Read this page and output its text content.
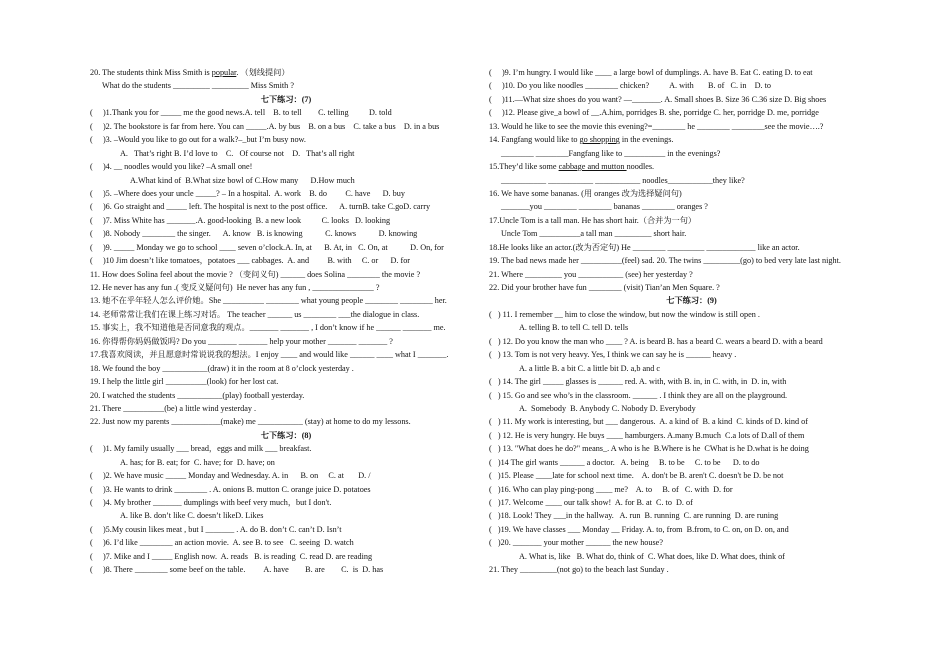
20. The students think Miss Smith is popular. （划线提问）
What do the students _________ _________ Miss Smith ?
七下练习：(7)
(     )1.Thank you for _____ me the good news.A. tell    B. to tell        C. telling          D. told
(     )2. The bookstore is far from here. You can _____.A. by bus    B. on a bus    C. take a bus    D. in a bus
(     )3. –Would you like to go out for a walk?–_but I’m busy now.
A.   That’s right B. I’d love to    C.   Of course not    D.   That’s all right
(     )4. __ noodles would you like? –A small one!
A.What kind of  B.What size bowl of C.How many      D.How much
(     )5. –Where does your uncle _____? – In a hospital.  A. work    B. do         C. have      D. buy
(     )6. Go straight and _____ left. The hospital is next to the post office.      A. turnB. take C.goD. carry
(     )7. Miss White has _______.A. good-looking  B. a new look          C. looks   D. looking
(     )8. Nobody ________ the singer.      A. know   B. is knowing           C. knows           D. knowing
(     )9. _____ Monday we go to school ____ seven o’clock.A. In, at      B. At, in   C. On, at           D. On, for
(     )10 Jim doesn’t like tomatoes，potatoes ___ cabbages.  A. and         B. with     C. or      D. for
11. How does Solina feel about the movie ? （变问义句) ______ does Solina ________ the movie ?
12. He never has any fun .( 变反义疑问句)  He never has any fun , _______________ ?
13. 她不在乎年轻人怎么评价她。She __________ ________ what young people ________ ________ her.
14. 老师常常让我们在课上练习对话。 The teacher ______ us ________ ___the dialogue in class.
15. 事实上，我不知道他是否同意我的观点。_______ _______ , I don’t know if he ______ _______ me.
16. 你得帮你妈妈做饭吗? Do you _______ _______ help your mother _______ _______ ?
17.我喜欢阅读，并且愿意时常说说我的想法。I enjoy ____ and would like ______ ____ what I _______.
18. We found the boy ___________(draw) it in the room at 8 o’clock yesterday .
19. I help the little girl __________(look) for her lost cat.
20. I watched the students ___________(play) football yesterday.
21. There __________(be) a little wind yesterday .
22. Just now my parents ____________(make) me ___________ (stay) at home to do my lessons.
七下练习：(8)
(     )1. My family usually ___ bread，eggs and milk ___ breakfast.
A. has; for B. eat; for  C. have; for  D. have; on
(     )2. We have music _____ Monday and Wednesday. A. in      B. on     C. at       D. /
(     )3. He wants to drink ________ . A. onions B. mutton C. orange juice D. potatoes
(     )4. My brother _______ dumplings with beef very much，but I don't.
A. like B. don’t like C. doesn’t likeD. Likes
(     )5.My cousin likes meat , but I _______ . A. do B. don’t C. can’t D. Isn’t
(     )6. I’d like ________ an action movie.  A. see B. to see   C. seeing  D. watch
(     )7. Mike and I _____ English now.  A. reads   B. is reading  C. read D. are reading
(     )8. There ________ some beef on the table.         A. have        B. are        C.  is  D. has
(     )9. I’m hungry. I would like ____ a large bowl of dumplings. A. have B. Eat C. eating D. to eat
(     )10. Do you like noodles ________ chicken?          A. with       B. of   C. in    D. to
(     )11.—What size shoes do you want? —_______. A. Small shoes B. Size 36 C.36 size D. Big shoes
(     )12. Please give_a bowl of __.A.him, porridges B. she, porridge C. her, porridge D. me, porridge
13. Would he like to see the movie this evening?=________ he ________ ________see the movie….?
14. Fangfang would like to go shopping in the evenings.
________ ________Fangfang like to __________ in the evenings?
15.They’d like some cabbage and mutton noodles.
___________ ___________ ___________ noodles___________they like?
16. We have some bananas. (用 oranges 改为选择疑问句)
_______you ________ ________ bananas ________ oranges ?
17.Uncle Tom is a tall man. He has short hair.（合并为一句）
Uncle Tom __________a tall man _________ short hair.
18.He looks like an actor.(改为否定句) He ________ _________ ____________ like an actor.
19. The bad news made her __________(feel) sad. 20. The twins _________(go) to bed very late last night.
21. Where _________ you ___________ (see) her yesterday ?
22. Did your brother have fun ________ (visit) Tian’an Men Square. ?
七下练习：(9)
(   ) 11. I remember __ him to close the window, but now the window is still open .
A. telling B. to tell C. tell D. tells
(   ) 12. Do you know the man who ____ ? A. is beard B. has a beard C. wears a beard D. with a beard
(   ) 13. Tom is not very heavy. Yes, I think we can say he is ______ heavy .
A. a little B. a bit C. a little bit D. a,b and c
(   ) 14. The girl _____ glasses is ______ red. A. with, with B. in, in C. with, in  D. in, with
(   ) 15. Go and see who’s in the classroom. ______ . I think they are all on the playground.
A.  Somebody  B. Anybody C. Nobody D. Everybody
(   ) 11. My work is interesting, but ___ dangerous.  A. a kind of  B. a kind  C. kinds of D. kind of
(   ) 12. He is very hungry. He buys ____ hamburgers. A.many B.much  C.a lots of D.all of them
(   ) 13. "What does he do?" means_. A who is he  B.Where is he  CWhat is he D.what is he doing
(   )14 The girl wants ______ a doctor.   A. being     B. to be     C. to be      D. to do
(   )15. Please ____late for school next time.    A. don't be B. aren't C. doesn't be D. be not
(   )16. Who can play ping-pong ____ me?    A. to     B. of   C. with  D. for
(   )17. Welcome ____ our talk show!  A. for B. at  C. to  D. of
(   )18. Look! They ___in the hallway.   A. run  B. running  C. are running  D. are runing
(   )19. We have classes ___ Monday __ Friday. A. to, from  B.from, to C. on, on D. on, and
(   )20. _______ your mother ______ the new house?
A. What is, like   B. What do, think of  C. What does, like D. What does, think of
21. They _________(not go) to the beach last Sunday .
